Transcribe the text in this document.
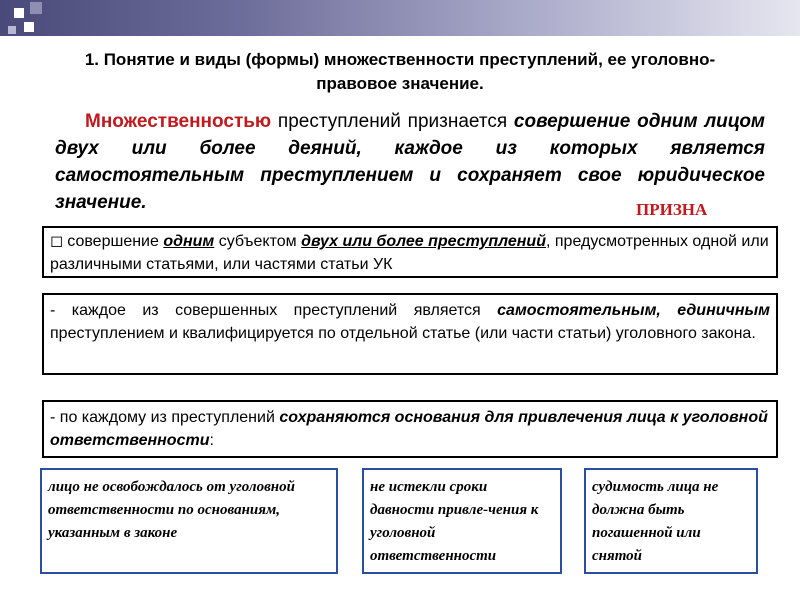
1. Понятие и виды (формы) множественности преступлений, ее уголовно-правовое значение.
Множественностью преступлений признается совершение одним лицом двух или более деяний, каждое из которых является самостоятельным преступлением и сохраняет свое юридическое значение.	ПРИЗНА
◻ совершение одним субъектом двух или более преступлений, предусмотренных одной или различными статьями, или частями статьи УК
- каждое из совершенных преступлений является самостоятельным, единичным преступлением и квалифицируется по отдельной статье (или части статьи) уголовного закона.
- по каждому из преступлений сохраняются основания для привлечения лица к уголовной ответственности:
лицо не освобождалось от уголовной ответственности по основаниям, указанным в законе
не истекли сроки давности привле-чения к уголовной ответственности
судимость лица не должна быть погашенной или снятой
